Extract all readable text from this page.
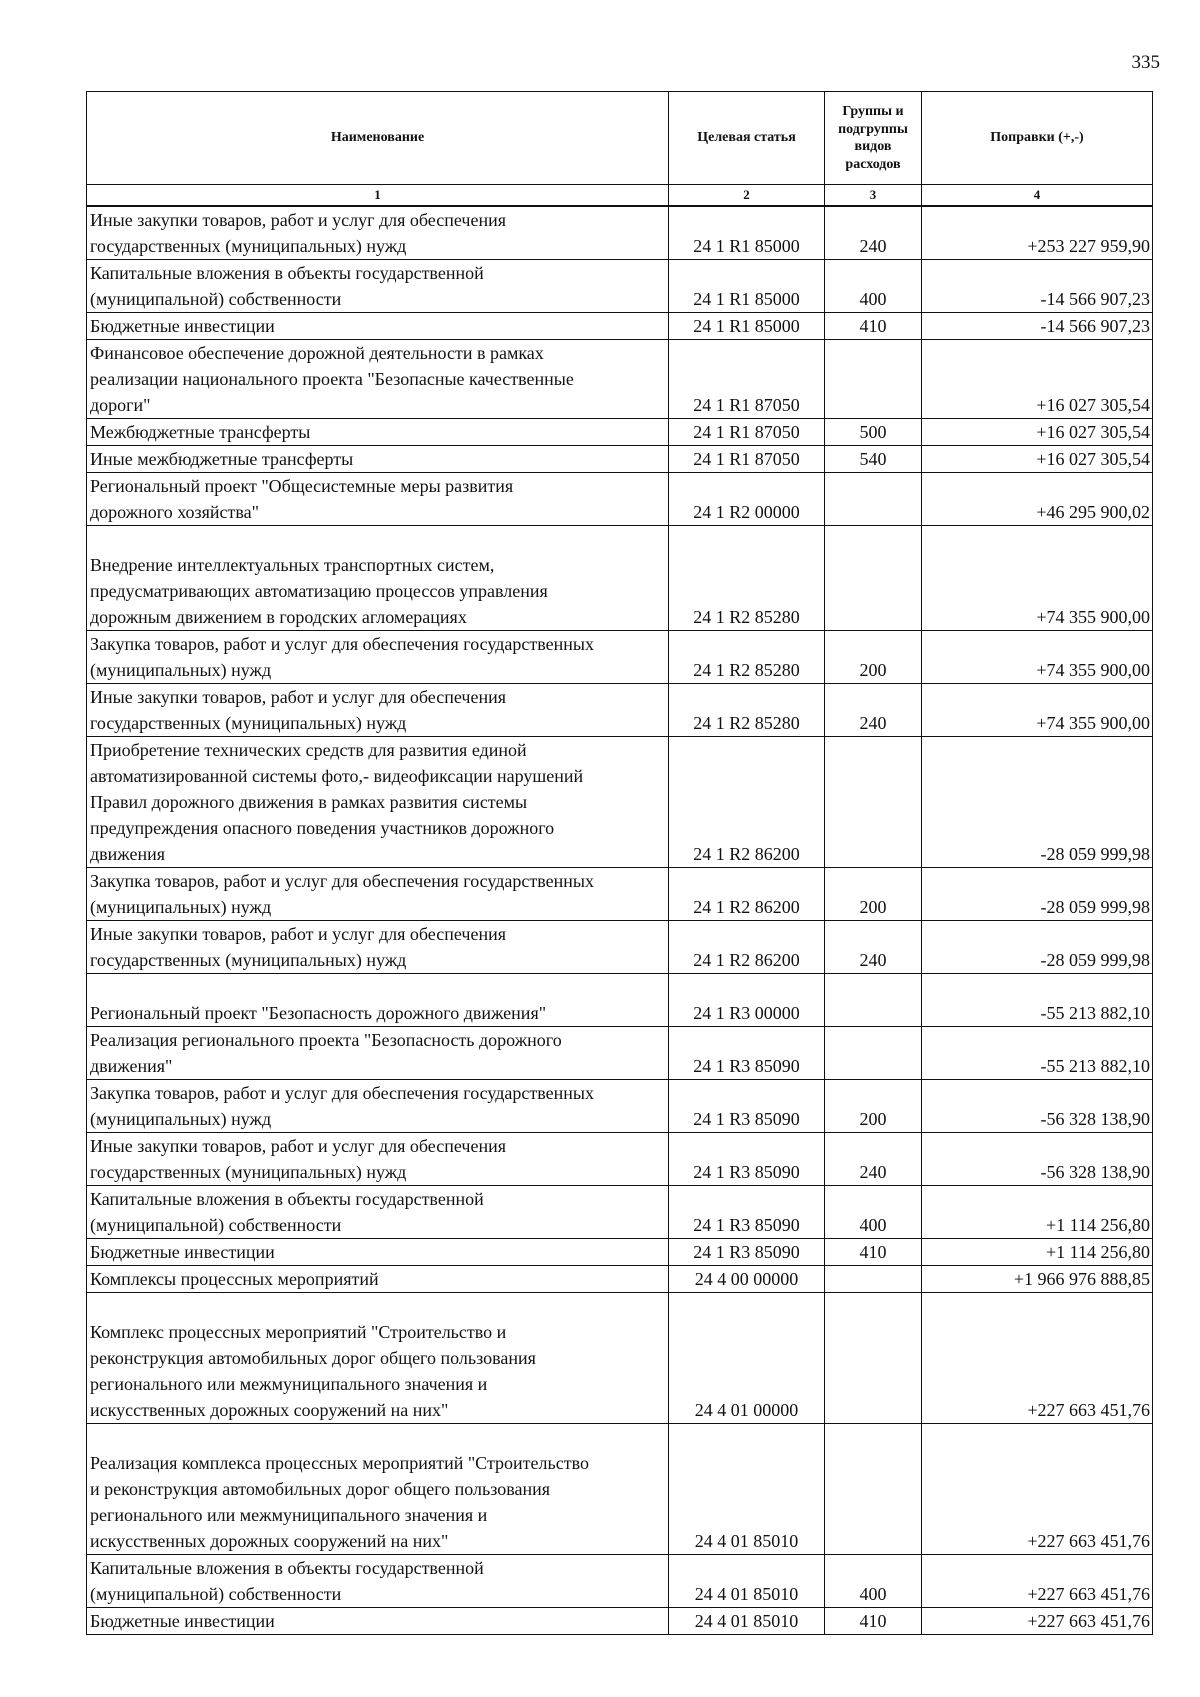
335
Наименование	Целевая статья	Группы и подгруппы видов расходов	Поправки (+,-)
1	2	3	4
Иные закупки товаров, работ и услуг для обеспечения
государственных (муниципальных) нужд	24 1 R1 85000	240	+253 227 959,90
Капитальные вложения в объекты государственной
(муниципальной) собственности	24 1 R1 85000	400	-14 566 907,23
Бюджетные инвестиции	24 1 R1 85000	410	-14 566 907,23
Финансовое обеспечение дорожной деятельности в рамках
реализации национального проекта "Безопасные качественные
дороги"	24 1 R1 87050		+16 027 305,54
Межбюджетные трансферты	24 1 R1 87050	500	+16 027 305,54
Иные межбюджетные трансферты	24 1 R1 87050	540	+16 027 305,54
Региональный проект "Общесистемные меры развития
дорожного хозяйства"	24 1 R2 00000		+46 295 900,02

Внедрение интеллектуальных транспортных систем,
предусматривающих автоматизацию процессов управления
дорожным движением в городских агломерациях	24 1 R2 85280		+74 355 900,00
Закупка товаров, работ и услуг для обеспечения государственных
(муниципальных) нужд	24 1 R2 85280	200	+74 355 900,00
Иные закупки товаров, работ и услуг для обеспечения
государственных (муниципальных) нужд	24 1 R2 85280	240	+74 355 900,00
Приобретение технических средств для развития единой
автоматизированной системы фото,- видеофиксации нарушений
Правил дорожного движения в рамках развития системы
предупреждения опасного поведения участников дорожного
движения	24 1 R2 86200		-28 059 999,98
Закупка товаров, работ и услуг для обеспечения государственных
(муниципальных) нужд	24 1 R2 86200	200	-28 059 999,98
Иные закупки товаров, работ и услуг для обеспечения
государственных (муниципальных) нужд	24 1 R2 86200	240	-28 059 999,98

Региональный проект "Безопасность дорожного движения"	24 1 R3 00000		-55 213 882,10
Реализация регионального проекта "Безопасность дорожного
движения"	24 1 R3 85090		-55 213 882,10
Закупка товаров, работ и услуг для обеспечения государственных
(муниципальных) нужд	24 1 R3 85090	200	-56 328 138,90
Иные закупки товаров, работ и услуг для обеспечения
государственных (муниципальных) нужд	24 1 R3 85090	240	-56 328 138,90
Капитальные вложения в объекты государственной
(муниципальной) собственности	24 1 R3 85090	400	+1 114 256,80
Бюджетные инвестиции	24 1 R3 85090	410	+1 114 256,80
Комплексы процессных мероприятий	24 4 00 00000		+1 966 976 888,85

Комплекс процессных мероприятий "Строительство и
реконструкция автомобильных дорог общего пользования
регионального или межмуниципального значения и
искусственных дорожных сооружений на них"	24 4 01 00000		+227 663 451,76

Реализация комплекса процессных мероприятий "Строительство
и реконструкция автомобильных дорог общего пользования
регионального или межмуниципального значения и
искусственных дорожных сооружений на них"	24 4 01 85010		+227 663 451,76
Капитальные вложения в объекты государственной
(муниципальной) собственности	24 4 01 85010	400	+227 663 451,76
Бюджетные инвестиции	24 4 01 85010	410	+227 663 451,76
